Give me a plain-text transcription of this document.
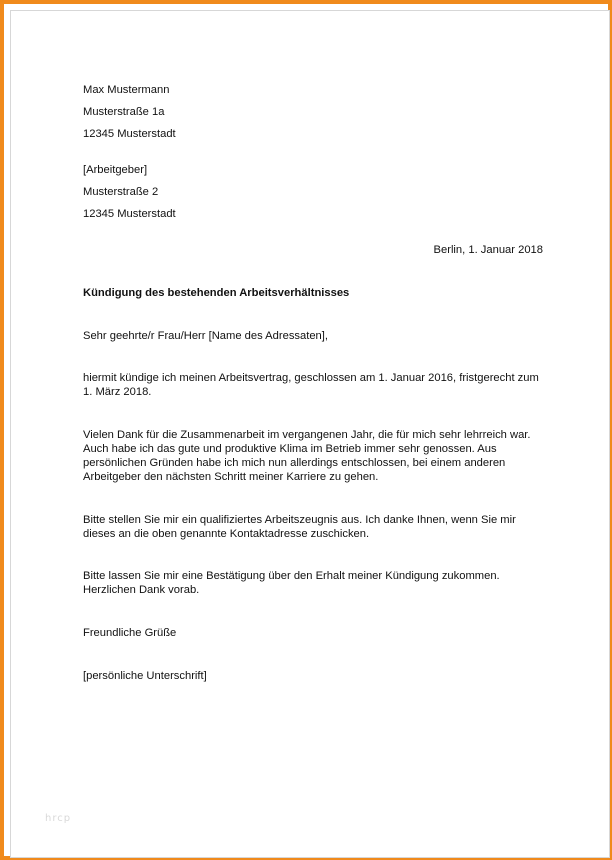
Max Mustermann
Musterstraße 1a
12345 Musterstadt
[Arbeitgeber]
Musterstraße 2
12345 Musterstadt
Berlin, 1. Januar 2018
Kündigung des bestehenden Arbeitsverhältnisses
Sehr geehrte/r Frau/Herr [Name des Adressaten],
hiermit kündige ich meinen Arbeitsvertrag, geschlossen am 1. Januar 2016, fristgerecht zum
1. März 2018.
Vielen Dank für die Zusammenarbeit im vergangenen Jahr, die für mich sehr lehrreich war.
Auch habe ich das gute und produktive Klima im Betrieb immer sehr genossen. Aus
persönlichen Gründen habe ich mich nun allerdings entschlossen, bei einem anderen
Arbeitgeber den nächsten Schritt meiner Karriere zu gehen.
Bitte stellen Sie mir ein qualifiziertes Arbeitszeugnis aus. Ich danke Ihnen, wenn Sie mir
dieses an die oben genannte Kontaktadresse zuschicken.
Bitte lassen Sie mir eine Bestätigung über den Erhalt meiner Kündigung zukommen.
Herzlichen Dank vorab.
Freundliche Grüße
[persönliche Unterschrift]
hrcp
